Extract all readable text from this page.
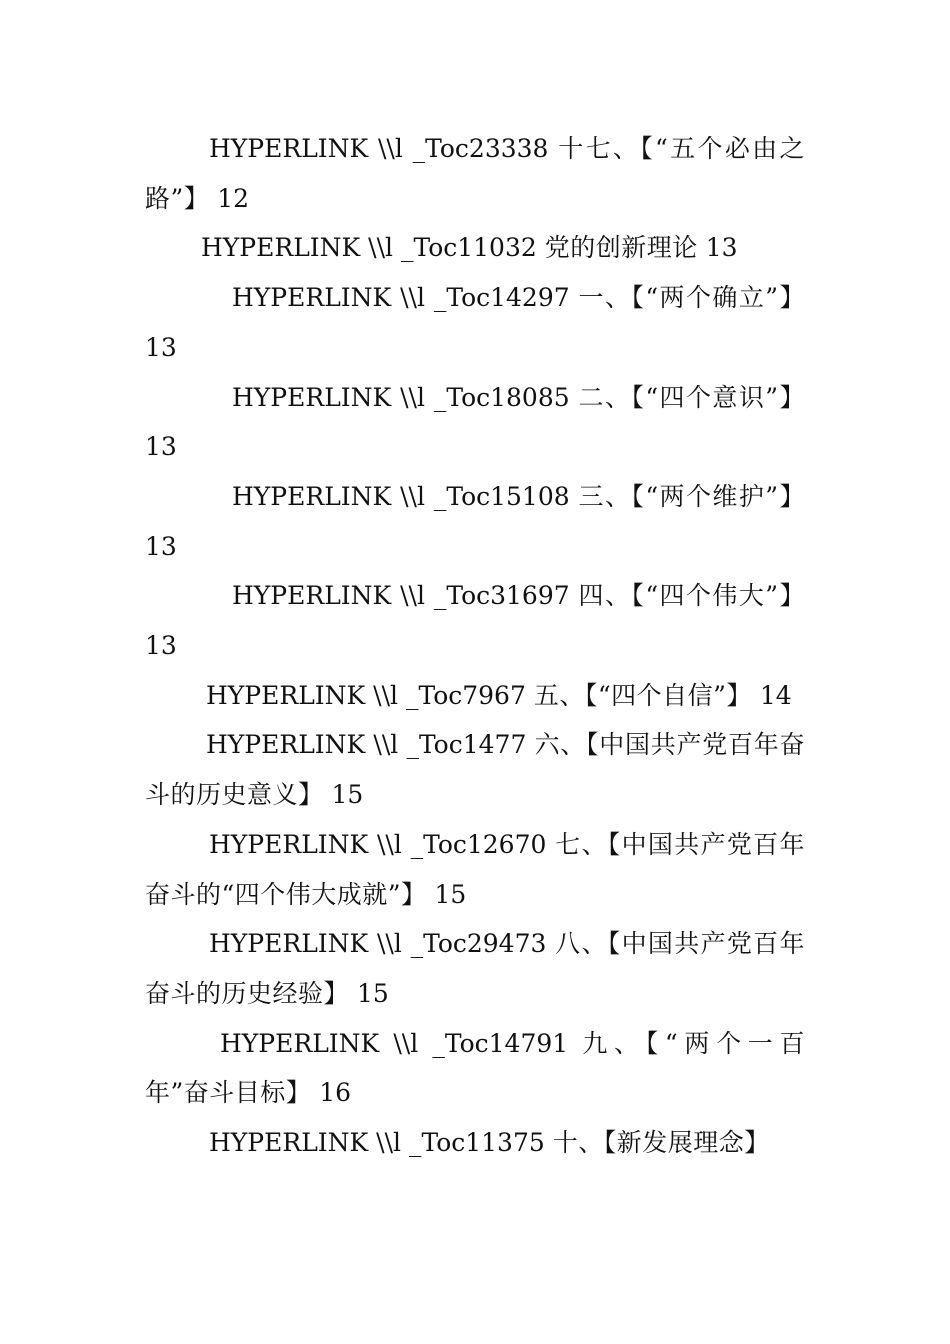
HYPERLINK \\l _Toc23338 十七、【“五个必由之路”】 12

HYPERLINK \\l _Toc11032 党的创新理论 13

HYPERLINK \\l _Toc14297 一、【“两个确立”】 13

HYPERLINK \\l _Toc18085 二、【“四个意识”】 13

HYPERLINK \\l _Toc15108 三、【“两个维护”】 13

HYPERLINK \\l _Toc31697 四、【“四个伟大”】 13

HYPERLINK \\l _Toc7967 五、【“四个自信”】 14

HYPERLINK \\l _Toc1477 六、【中国共产党百年奋斗的历史意义】 15

HYPERLINK \\l _Toc12670 七、【中国共产党百年奋斗的“四个伟大成就”】 15

HYPERLINK \\l _Toc29473 八、【中国共产党百年奋斗的历史经验】 15

HYPERLINK \\l _Toc14791 九、【“两个一百年”奋斗目标】 16

HYPERLINK \\l _Toc11375 十、【新发展理念】
